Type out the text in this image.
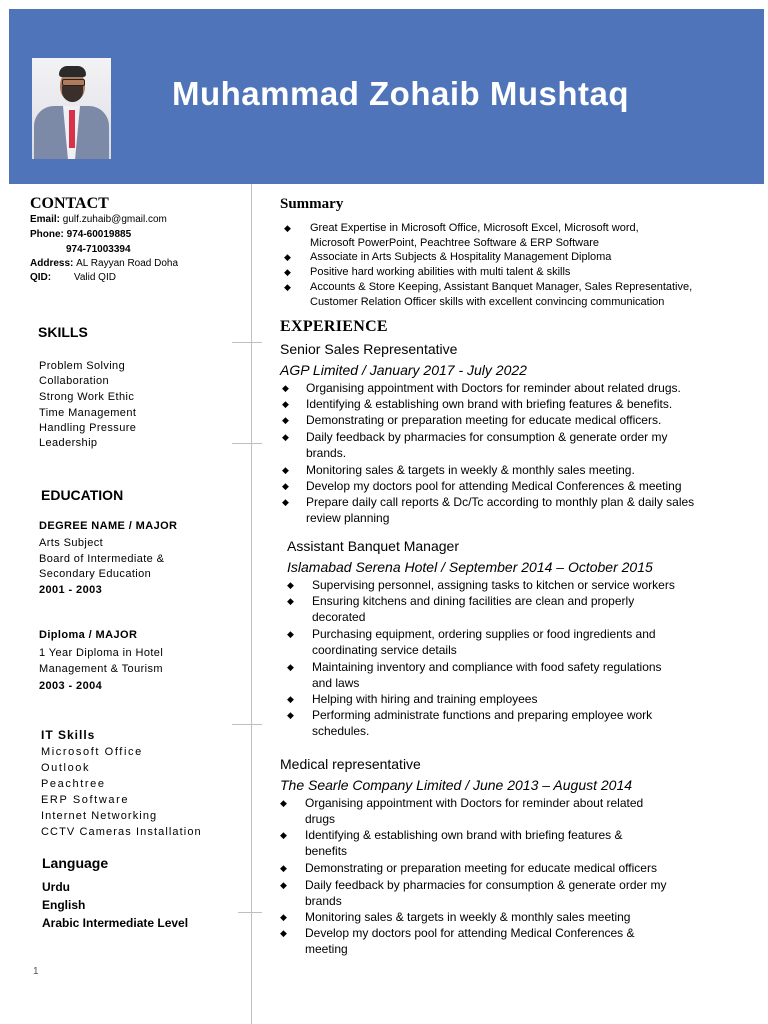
Muhammad Zohaib Mushtaq
CONTACT
Email: gulf.zuhaib@gmail.com
Phone: 974-60019885
974-71003394
Address: AL Rayyan Road Doha
QID: Valid QID
SKILLS
Problem Solving
Collaboration
Strong Work Ethic
Time Management
Handling Pressure
Leadership
EDUCATION
DEGREE NAME / MAJOR
Arts Subject
Board of Intermediate &
Secondary Education
2001 - 2003
Diploma / MAJOR
1 Year Diploma in Hotel
Management & Tourism
2003 - 2004
IT Skills
Microsoft Office
Outlook
Peachtree
ERP Software
Internet Networking
CCTV Cameras Installation
Language
Urdu
English
Arabic Intermediate Level
1
Summary
◆ Great Expertise in Microsoft Office, Microsoft Excel, Microsoft word,
Microsoft PowerPoint, Peachtree Software & ERP Software
◆ Associate in Arts Subjects & Hospitality Management Diploma
◆ Positive hard working abilities with multi talent & skills
◆ Accounts & Store Keeping, Assistant Banquet Manager, Sales Representative,
Customer Relation Officer skills with excellent convincing communication
EXPERIENCE
Senior Sales Representative
AGP Limited / January 2017 - July 2022
◆ Organising appointment with Doctors for reminder about related drugs.
◆ Identifying & establishing own brand with briefing features & benefits.
◆ Demonstrating or preparation meeting for educate medical officers.
◆ Daily feedback by pharmacies for consumption & generate order my
brands.
◆ Monitoring sales & targets in weekly & monthly sales meeting.
◆ Develop my doctors pool for attending Medical Conferences & meeting
◆ Prepare daily call reports & Dc/Tc according to monthly plan & daily sales
review planning
Assistant Banquet Manager
Islamabad Serena Hotel / September 2014 – October 2015
◆ Supervising personnel, assigning tasks to kitchen or service workers
◆ Ensuring kitchens and dining facilities are clean and properly
decorated
◆ Purchasing equipment, ordering supplies or food ingredients and
coordinating service details
◆ Maintaining inventory and compliance with food safety regulations
and laws
◆ Helping with hiring and training employees
◆ Performing administrate functions and preparing employee work
schedules.
Medical representative
The Searle Company Limited / June 2013 – August 2014
◆ Organising appointment with Doctors for reminder about related
drugs
◆ Identifying & establishing own brand with briefing features &
benefits
◆ Demonstrating or preparation meeting for educate medical officers
◆ Daily feedback by pharmacies for consumption & generate order my
brands
◆ Monitoring sales & targets in weekly & monthly sales meeting
◆ Develop my doctors pool for attending Medical Conferences &
meeting
